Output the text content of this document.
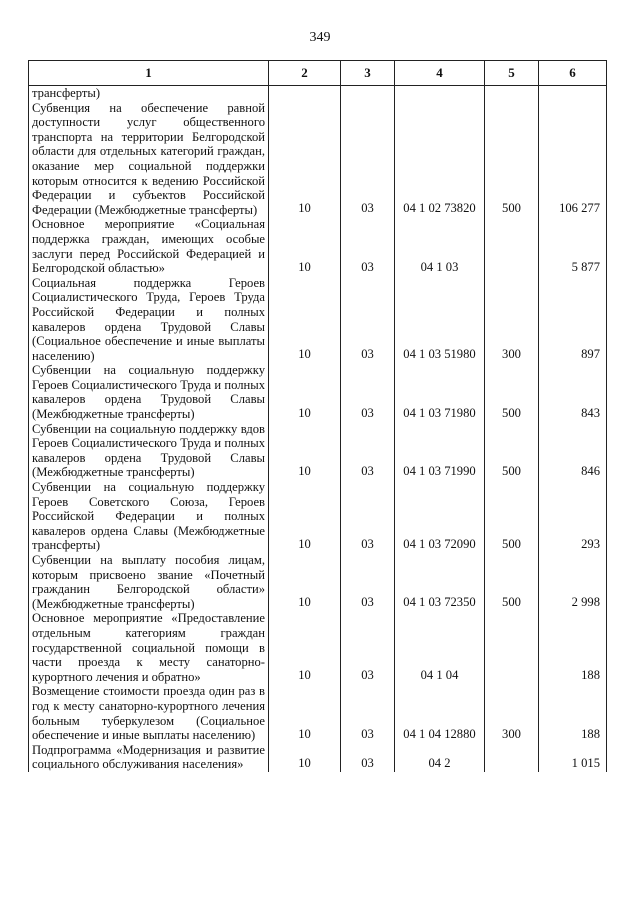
349
1	2	3	4	5	6
трансферты)					
Субвенция на обеспечение равной доступности услуг общественного транспорта на территории Белгородской области для отдельных категорий граждан, оказание мер социальной поддержки которым относится к ведению Российской Федерации и субъектов Российской Федерации (Межбюджетные трансферты)	10	03	04 1 02 73820	500	106 277
Основное мероприятие «Социальная поддержка граждан, имеющих особые заслуги перед Российской Федерацией и Белгородской областью»	10	03	04 1 03		5 877
Социальная поддержка Героев Социалистического Труда, Героев Труда Российской Федерации и полных кавалеров ордена Трудовой Славы (Социальное обеспечение и иные выплаты населению)	10	03	04 1 03 51980	300	897
Субвенции на социальную поддержку Героев Социалистического Труда и полных кавалеров ордена Трудовой Славы (Межбюджетные трансферты)	10	03	04 1 03 71980	500	843
Субвенции на социальную поддержку вдов Героев Социалистического Труда и полных кавалеров ордена Трудовой Славы (Межбюджетные трансферты)	10	03	04 1 03 71990	500	846
Субвенции на социальную поддержку Героев Советского Союза, Героев Российской Федерации и полных кавалеров ордена Славы (Межбюджетные трансферты)	10	03	04 1 03 72090	500	293
Субвенции на выплату пособия лицам, которым присвоено звание «Почетный гражданин Белгородской области» (Межбюджетные трансферты)	10	03	04 1 03 72350	500	2 998
Основное мероприятие «Предоставление отдельным категориям граждан государственной социальной помощи в части проезда к месту санаторно-курортного лечения и обратно»	10	03	04 1 04		188
Возмещение стоимости проезда один раз в год к месту санаторно-курортного лечения больным туберкулезом (Социальное обеспечение и иные выплаты населению)	10	03	04 1 04 12880	300	188
Подпрограмма «Модернизация и развитие социального обслуживания населения»	10	03	04 2		1 015
